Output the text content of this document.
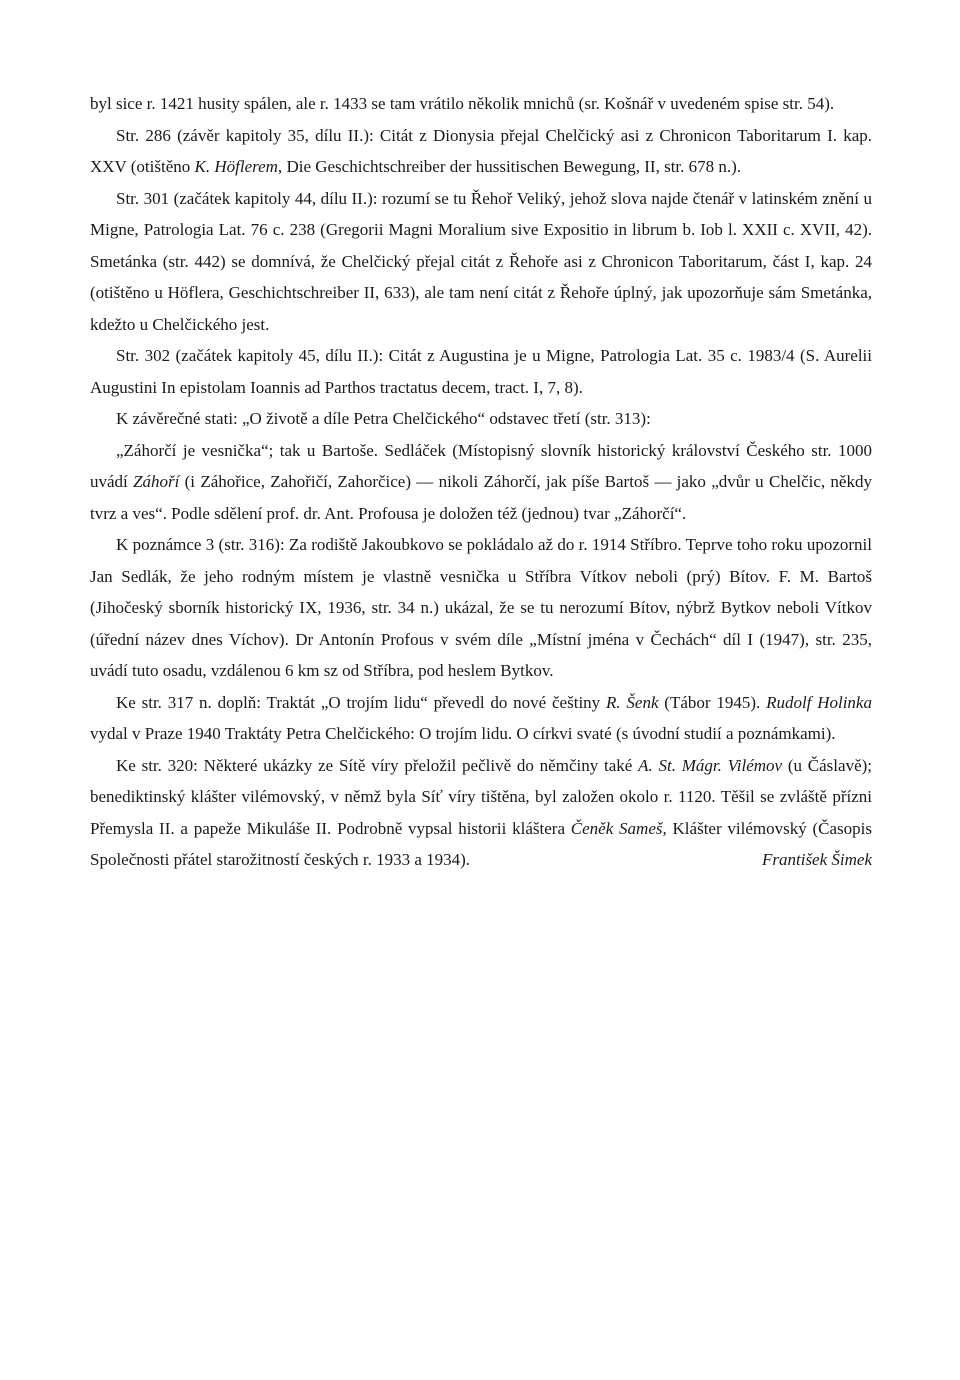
byl sice r. 1421 husity spálen, ale r. 1433 se tam vrátilo několik mnichů (sr. Košnář v uvedeném spise str. 54).

Str. 286 (závěr kapitoly 35, dílu II.): Citát z Dionysia přejal Chelčický asi z Chronicon Taboritarum I. kap. XXV (otištěno K. Höflerem, Die Geschichtschreiber der hussitischen Bewegung, II, str. 678 n.).

Str. 301 (začátek kapitoly 44, dílu II.): rozumí se tu Řehoř Veliký, jehož slova najde čtenář v latinském znění u Migne, Patrologia Lat. 76 c. 238 (Gregorii Magni Moralium sive Expositio in librum b. Iob l. XXII c. XVII, 42). Smetánka (str. 442) se domnívá, že Chelčický přejal citát z Řehoře asi z Chronicon Taboritarum, část I, kap. 24 (otištěno u Höflera, Geschichtschreiber II, 633), ale tam není citát z Řehoře úplný, jak upozorňuje sám Smetánka, kdežto u Chelčického jest.

Str. 302 (začátek kapitoly 45, dílu II.): Citát z Augustina je u Migne, Patrologia Lat. 35 c. 1983/4 (S. Aurelii Augustini In epistolam Ioannis ad Parthos tractatus decem, tract. I, 7, 8).

K závěrečné stati: „O životě a díle Petra Chelčického“ odstavec třetí (str. 313):

„Záhorčí je vesnička“; tak u Bartoše. Sedláček (Místopisný slovník historický království Českého str. 1000 uvádí Záhoří (i Záhořice, Zahořičí, Zahorčice) — nikoli Záhorčí, jak píše Bartoš — jako „dvůr u Chelčic, někdy tvrz a ves“. Podle sdělení prof. dr. Ant. Profousa je doložen též (jednou) tvar „Záhorčí“.

K poznámce 3 (str. 316): Za rodiště Jakoubkovo se pokládalo až do r. 1914 Stříbro. Teprve toho roku upozornil Jan Sedlák, že jeho rodným místem je vlastně vesnička u Stříbra Vítkov neboli (prý) Bítov. F. M. Bartoš (Jihočeský sborník historický IX, 1936, str. 34 n.) ukázal, že se tu nerozumí Bítov, nýbrž Bytkov neboli Vítkov (úřední název dnes Víchov). Dr Antonín Profous v svém díle „Místní jména v Čechách“ díl I (1947), str. 235, uvádí tuto osadu, vzdálenou 6 km sz od Stříbra, pod heslem Bytkov.

Ke str. 317 n. doplň: Traktát „O trojím lidu“ převedl do nové češtiny R. Šenk (Tábor 1945). Rudolf Holinka vydal v Praze 1940 Traktáty Petra Chelčického: O trojím lidu. O církvi svaté (s úvodní studií a poznámkami).

Ke str. 320: Některé ukázky ze Sítě víry přeložil pečlivě do němčiny také A. St. Mágr. Vilémov (u Čáslavě); benediktinský klášter vilémovský, v němž byla Síť víry tištěna, byl založen okolo r. 1120. Těšil se zvláště přízni Přemysla II. a papeže Mikuláše II. Podrobně vypsal historii kláštera Čeněk Sameš, Klášter vilémovský (Časopis Společnosti přátel starožitností českých r. 1933 a 1934).	František Šimek
